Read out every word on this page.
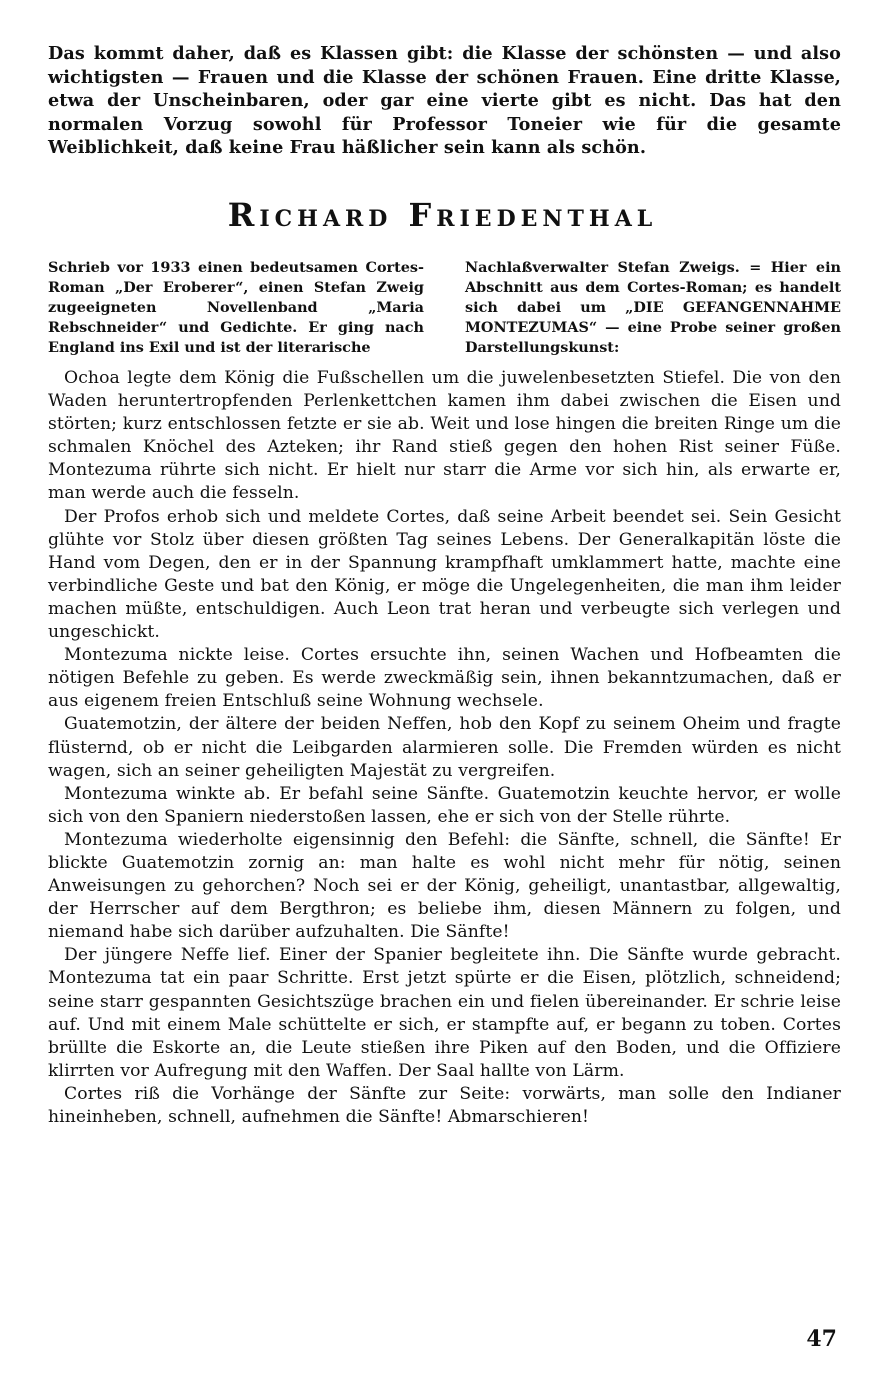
Das kommt daher, daß es Klassen gibt: die Klasse der schönsten — und also wichtigsten — Frauen und die Klasse der schönen Frauen. Eine dritte Klasse, etwa der Unscheinbaren, oder gar eine vierte gibt es nicht. Das hat den normalen Vorzug sowohl für Professor Toneier wie für die gesamte Weiblichkeit, daß keine Frau häßlicher sein kann als schön.

Richard Friedenthal
Schrieb vor 1933 einen bedeutsamen Cortes-Roman „Der Eroberer“, einen Stefan Zweig zugeeigneten Novellenband „Maria Rebschneider“ und Gedichte. Er ging nach England ins Exil und ist der literarische
Nachlaßverwalter Stefan Zweigs. = Hier ein Abschnitt aus dem Cortes-Roman; es handelt sich dabei um „DIE GEFANGENNAHME MONTEZUMAS“ — eine Probe seiner großen Darstellungskunst:

Ochoa legte dem König die Fußschellen um die juwelenbesetzten Stiefel. Die von den Waden heruntertropfenden Perlenkettchen kamen ihm dabei zwischen die Eisen und störten; kurz entschlossen fetzte er sie ab. Weit und lose hingen die breiten Ringe um die schmalen Knöchel des Azteken; ihr Rand stieß gegen den hohen Rist seiner Füße. Montezuma rührte sich nicht. Er hielt nur starr die Arme vor sich hin, als erwarte er, man werde auch die fesseln.

Der Profos erhob sich und meldete Cortes, daß seine Arbeit beendet sei. Sein Gesicht glühte vor Stolz über diesen größten Tag seines Lebens. Der Generalkapitän löste die Hand vom Degen, den er in der Spannung krampfhaft umklammert hatte, machte eine verbindliche Geste und bat den König, er möge die Ungelegenheiten, die man ihm leider machen müßte, entschuldigen. Auch Leon trat heran und verbeugte sich verlegen und ungeschickt.

Montezuma nickte leise. Cortes ersuchte ihn, seinen Wachen und Hofbeamten die nötigen Befehle zu geben. Es werde zweckmäßig sein, ihnen bekanntzumachen, daß er aus eigenem freien Entschluß seine Wohnung wechsele.

Guatemotzin, der ältere der beiden Neffen, hob den Kopf zu seinem Oheim und fragte flüsternd, ob er nicht die Leibgarden alarmieren solle. Die Fremden würden es nicht wagen, sich an seiner geheiligten Majestät zu vergreifen.

Montezuma winkte ab. Er befahl seine Sänfte. Guatemotzin keuchte hervor, er wolle sich von den Spaniern niederstoßen lassen, ehe er sich von der Stelle rührte.

Montezuma wiederholte eigensinnig den Befehl: die Sänfte, schnell, die Sänfte! Er blickte Guatemotzin zornig an: man halte es wohl nicht mehr für nötig, seinen Anweisungen zu gehorchen? Noch sei er der König, geheiligt, unantastbar, allgewaltig, der Herrscher auf dem Bergthron; es beliebe ihm, diesen Männern zu folgen, und niemand habe sich darüber aufzuhalten. Die Sänfte!

Der jüngere Neffe lief. Einer der Spanier begleitete ihn. Die Sänfte wurde gebracht. Montezuma tat ein paar Schritte. Erst jetzt spürte er die Eisen, plötzlich, schneidend; seine starr gespannten Gesichtszüge brachen ein und fielen übereinander. Er schrie leise auf. Und mit einem Male schüttelte er sich, er stampfte auf, er begann zu toben. Cortes brüllte die Eskorte an, die Leute stießen ihre Piken auf den Boden, und die Offiziere klirrten vor Aufregung mit den Waffen. Der Saal hallte von Lärm.

Cortes riß die Vorhänge der Sänfte zur Seite: vorwärts, man solle den Indianer hineinheben, schnell, aufnehmen die Sänfte! Abmarschieren!

47
